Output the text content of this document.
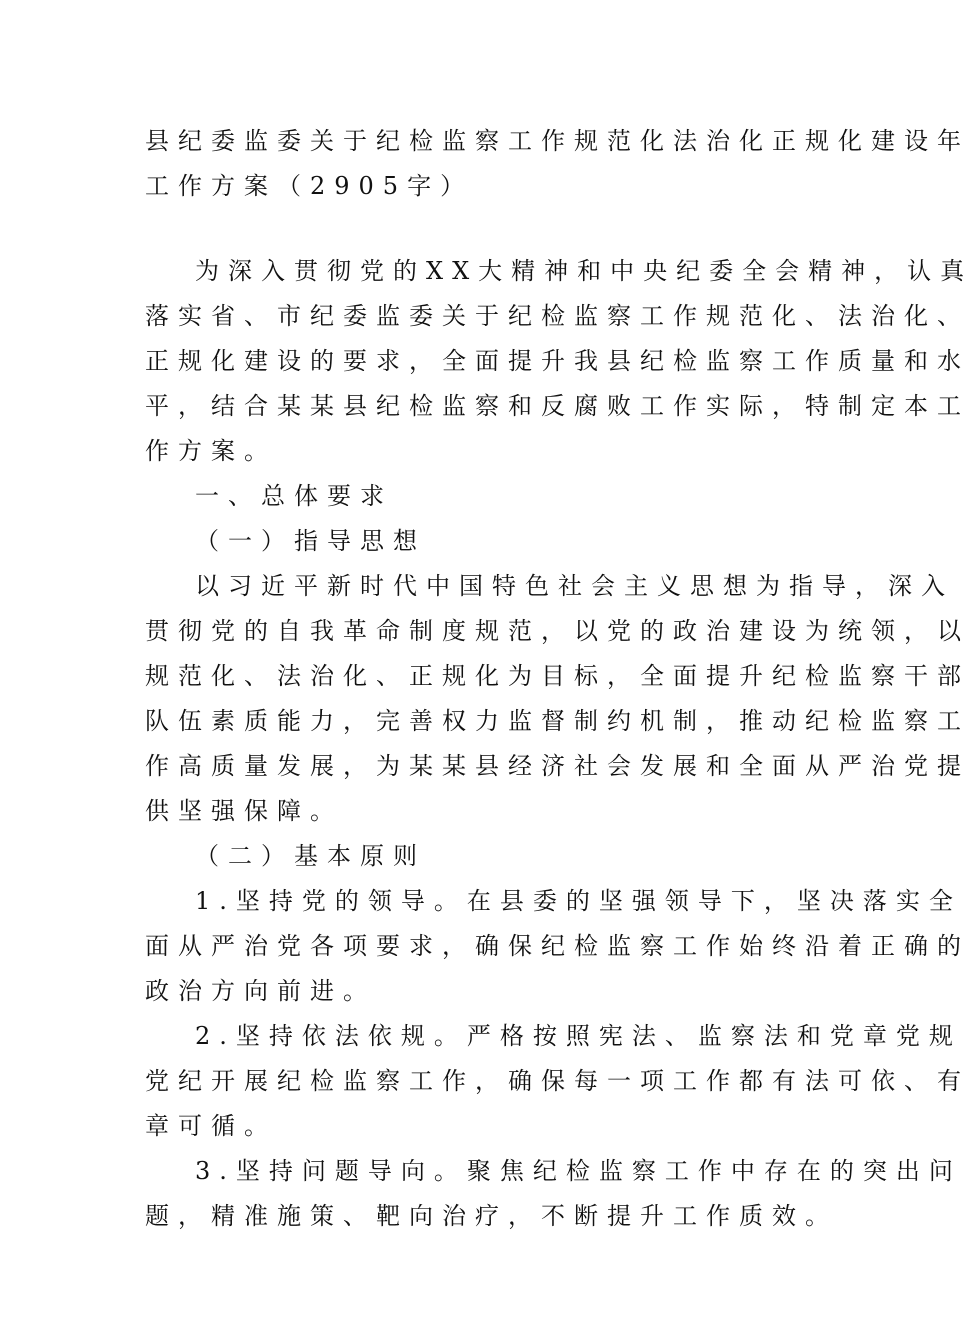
县纪委监委关于纪检监察工作规范化法治化正规化建设年
工作方案（2905字）
为深入贯彻党的XX大精神和中央纪委全会精神，认真
落实省、市纪委监委关于纪检监察工作规范化、法治化、
正规化建设的要求，全面提升我县纪检监察工作质量和水
平，结合某某县纪检监察和反腐败工作实际，特制定本工
作方案。
一、总体要求
（一）指导思想
以习近平新时代中国特色社会主义思想为指导，深入
贯彻党的自我革命制度规范，以党的政治建设为统领，以
规范化、法治化、正规化为目标，全面提升纪检监察干部
队伍素质能力，完善权力监督制约机制，推动纪检监察工
作高质量发展，为某某县经济社会发展和全面从严治党提
供坚强保障。
（二）基本原则
1.坚持党的领导。在县委的坚强领导下，坚决落实全
面从严治党各项要求，确保纪检监察工作始终沿着正确的
政治方向前进。
2.坚持依法依规。严格按照宪法、监察法和党章党规
党纪开展纪检监察工作，确保每一项工作都有法可依、有
章可循。
3.坚持问题导向。聚焦纪检监察工作中存在的突出问
题，精准施策、靶向治疗，不断提升工作质效。
